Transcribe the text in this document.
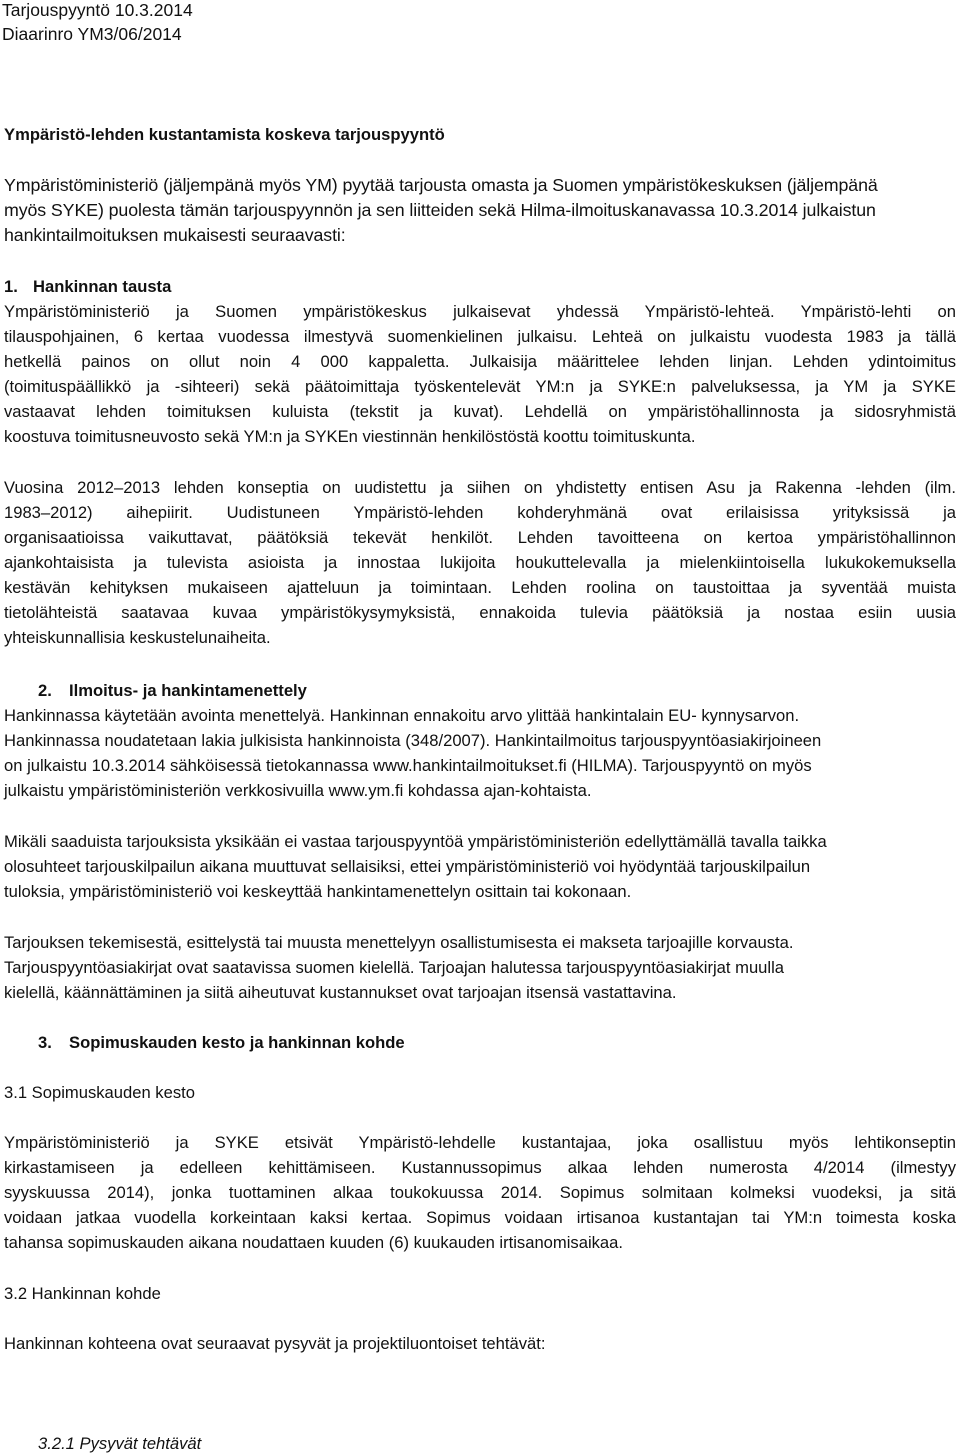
Tarjouspyyntö 10.3.2014
Diaarinro YM3/06/2014
Ympäristö-lehden kustantamista koskeva tarjouspyyntö
Ympäristöministeriö (jäljempänä myös YM) pyytää tarjousta omasta ja Suomen ympäristökeskuksen (jäljempänä
myös SYKE) puolesta tämän tarjouspyynnön ja sen liitteiden sekä Hilma-ilmoituskanavassa 10.3.2014 julkaistun
hankintailmoituksen mukaisesti seuraavasti:
1. Hankinnan tausta
Ympäristöministeriö ja Suomen ympäristökeskus julkaisevat yhdessä Ympäristö-lehteä. Ympäristö-lehti on
tilauspohjainen, 6 kertaa vuodessa ilmestyvä suomenkielinen julkaisu. Lehteä on julkaistu vuodesta 1983 ja tällä
hetkellä painos on ollut noin 4 000 kappaletta. Julkaisija määrittelee lehden linjan. Lehden ydintoimitus
(toimituspäällikkö ja -sihteeri) sekä päätoimittaja työskentelevät YM:n ja SYKE:n palveluksessa, ja YM ja SYKE
vastaavat lehden toimituksen kuluista (tekstit ja kuvat). Lehdellä on ympäristöhallinnosta ja sidosryhmistä
koostuva toimitusneuvosto sekä YM:n ja SYKEn viestinnän henkilöstöstä koottu toimituskunta.
Vuosina 2012–2013 lehden konseptia on uudistettu ja siihen on yhdistetty entisen Asu ja Rakenna -lehden (ilm.
1983–2012) aihepiirit. Uudistuneen Ympäristö-lehden kohderyhmänä ovat erilaisissa yrityksissä ja
organisaatioissa vaikuttavat, päätöksiä tekevät henkilöt. Lehden tavoitteena on kertoa ympäristöhallinnon
ajankohtaisista ja tulevista asioista ja innostaa lukijoita houkuttelevalla ja mielenkiintoisella lukukokemuksella
kestävän kehityksen mukaiseen ajatteluun ja toimintaan. Lehden roolina on taustoittaa ja syventää muista
tietolähteistä saatavaa kuvaa ympäristökysymyksistä, ennakoida tulevia päätöksiä ja nostaa esiin uusia
yhteiskunnallisia keskustelunaiheita.
2. Ilmoitus- ja hankintamenettely
Hankinnassa käytetään avointa menettelyä. Hankinnan ennakoitu arvo ylittää hankintalain EU- kynnysarvon.
Hankinnassa noudatetaan lakia julkisista hankinnoista (348/2007). Hankintailmoitus tarjouspyyntöasiakirjoineen
on julkaistu 10.3.2014 sähköisessä tietokannassa www.hankintailmoitukset.fi (HILMA). Tarjouspyyntö on myös
julkaistu ympäristöministeriön verkkosivuilla www.ym.fi kohdassa ajan-kohtaista.
Mikäli saaduista tarjouksista yksikään ei vastaa tarjouspyyntöä ympäristöministeriön edellyttämällä tavalla taikka
olosuhteet tarjouskilpailun aikana muuttuvat sellaisiksi, ettei ympäristöministeriö voi hyödyntää tarjouskilpailun
tuloksia, ympäristöministeriö voi keskeyttää hankintamenettelyn osittain tai kokonaan.
Tarjouksen tekemisestä, esittelystä tai muusta menettelyyn osallistumisesta ei makseta tarjoajille korvausta.
Tarjouspyyntöasiakirjat ovat saatavissa suomen kielellä. Tarjoajan halutessa tarjouspyyntöasiakirjat muulla
kielellä, käännättäminen ja siitä aiheutuvat kustannukset ovat tarjoajan itsensä vastattavina.
3. Sopimuskauden kesto ja hankinnan kohde
3.1 Sopimuskauden kesto
Ympäristöministeriö ja SYKE etsivät Ympäristö-lehdelle kustantajaa, joka osallistuu myös lehtikonseptin
kirkastamiseen ja edelleen kehittämiseen. Kustannussopimus alkaa lehden numerosta 4/2014 (ilmestyy
syyskuussa 2014), jonka tuottaminen alkaa toukokuussa 2014. Sopimus solmitaan kolmeksi vuodeksi, ja sitä
voidaan jatkaa vuodella korkeintaan kaksi kertaa. Sopimus voidaan irtisanoa kustantajan tai YM:n toimesta koska
tahansa sopimuskauden aikana noudattaen kuuden (6) kuukauden irtisanomisaikaa.
3.2 Hankinnan kohde
Hankinnan kohteena ovat seuraavat pysyvät ja projektiluontoiset tehtävät:
3.2.1 Pysyvät tehtävät
